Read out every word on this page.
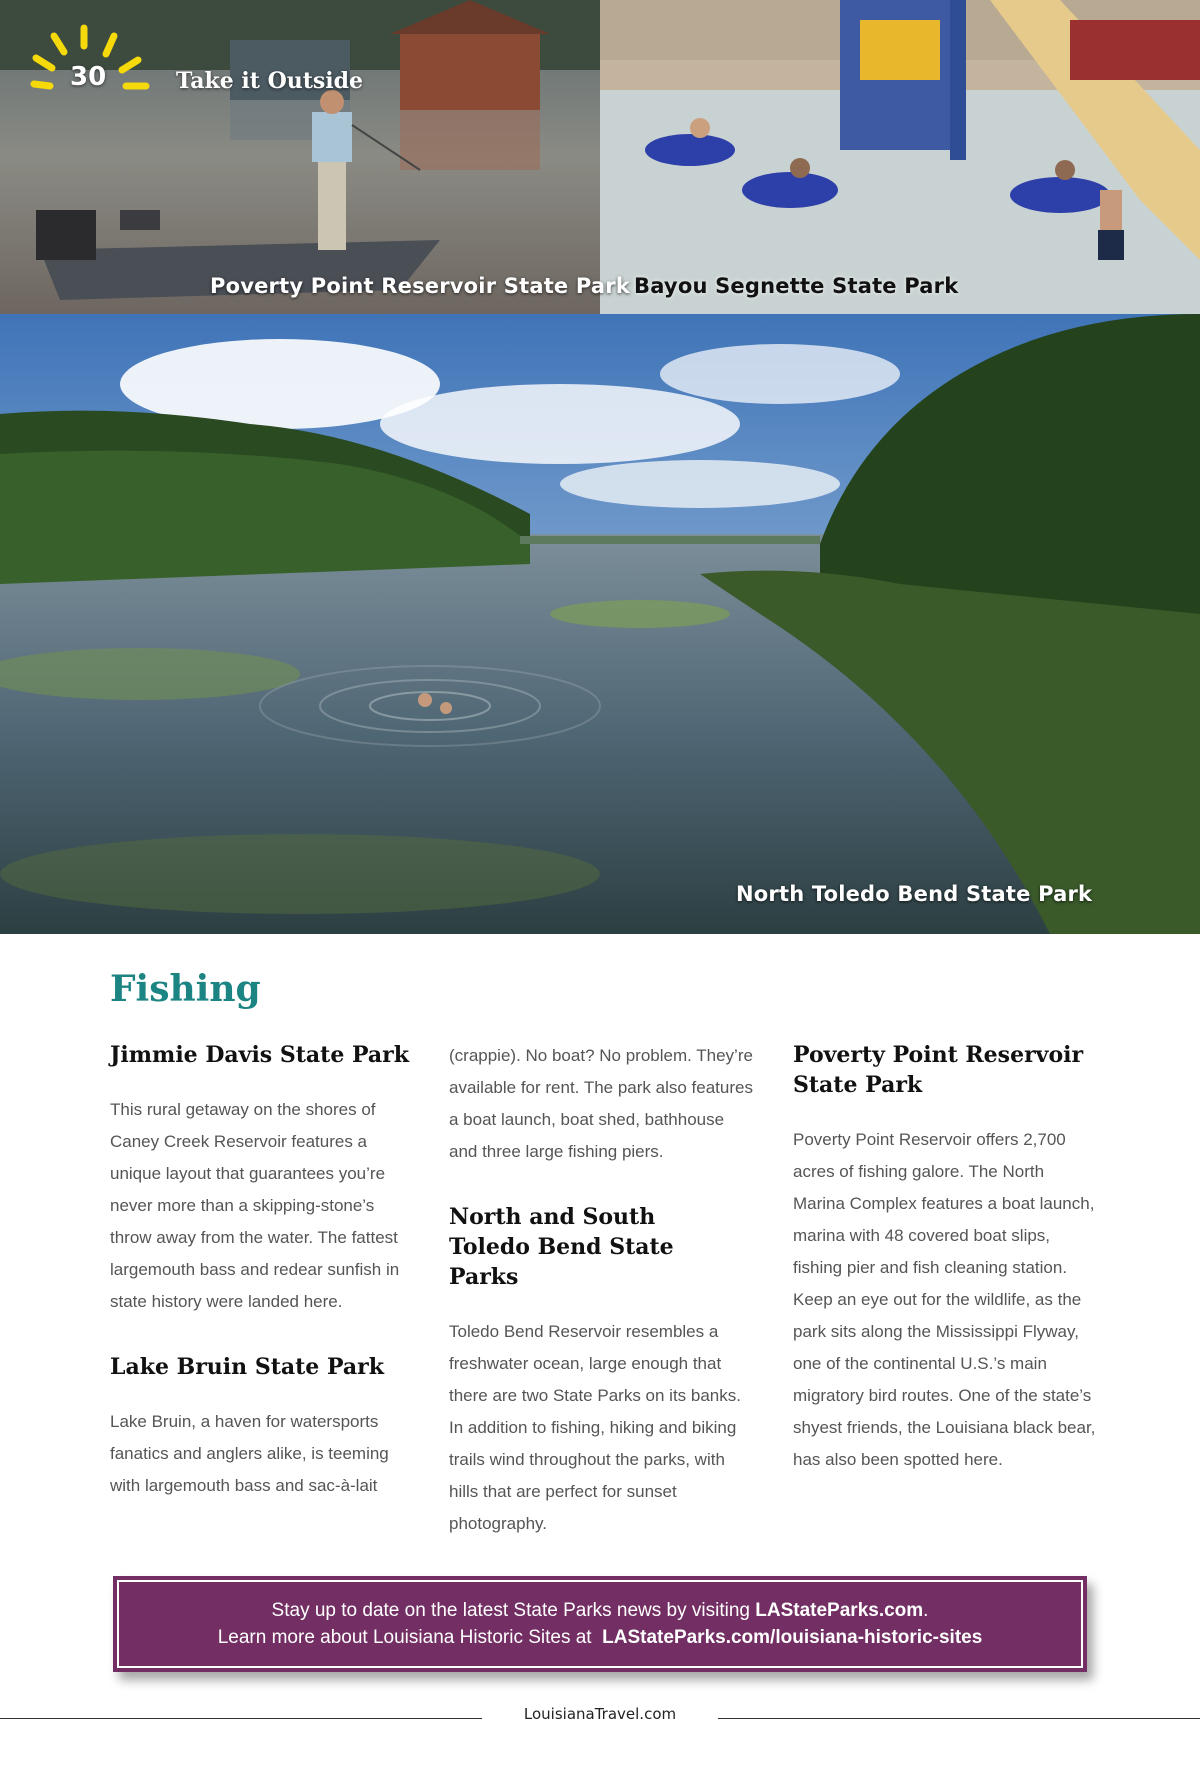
Poverty Point Reservoir State Park Bayou Segnette State Park
North Toledo Bend State Park
30	Take it Outside
Fishing
Jimmie Davis State Park

This rural getaway on the shores of Caney Creek Reservoir features a unique layout that guarantees you’re never more than a skipping-stone’s throw away from the water. The fattest largemouth bass and redear sunfish in state history were landed here.

Lake Bruin State Park

Lake Bruin, a haven for watersports fanatics and anglers alike, is teeming with largemouth bass and sac-à-lait

(crappie). No boat? No problem. They’re available for rent. The park also features a boat launch, boat shed, bathhouse and three large fishing piers.

North and South Toledo Bend State Parks

Toledo Bend Reservoir resembles a freshwater ocean, large enough that there are two State Parks on its banks. In addition to fishing, hiking and biking trails wind throughout the parks, with hills that are perfect for sunset photography.

Poverty Point Reservoir State Park

Poverty Point Reservoir offers 2,700 acres of fishing galore. The North Marina Complex features a boat launch, marina with 48 covered boat slips, fishing pier and fish cleaning station. Keep an eye out for the wildlife, as the park sits along the Mississippi Flyway, one of the continental U.S.’s main migratory bird routes. One of the state’s shyest friends, the Louisiana black bear, has also been spotted here.

Stay up to date on the latest State Parks news by visiting LAStateParks.com.
Learn more about Louisiana Historic Sites at  LAStateParks.com/louisiana-historic-sites
LouisianaTravel.com
